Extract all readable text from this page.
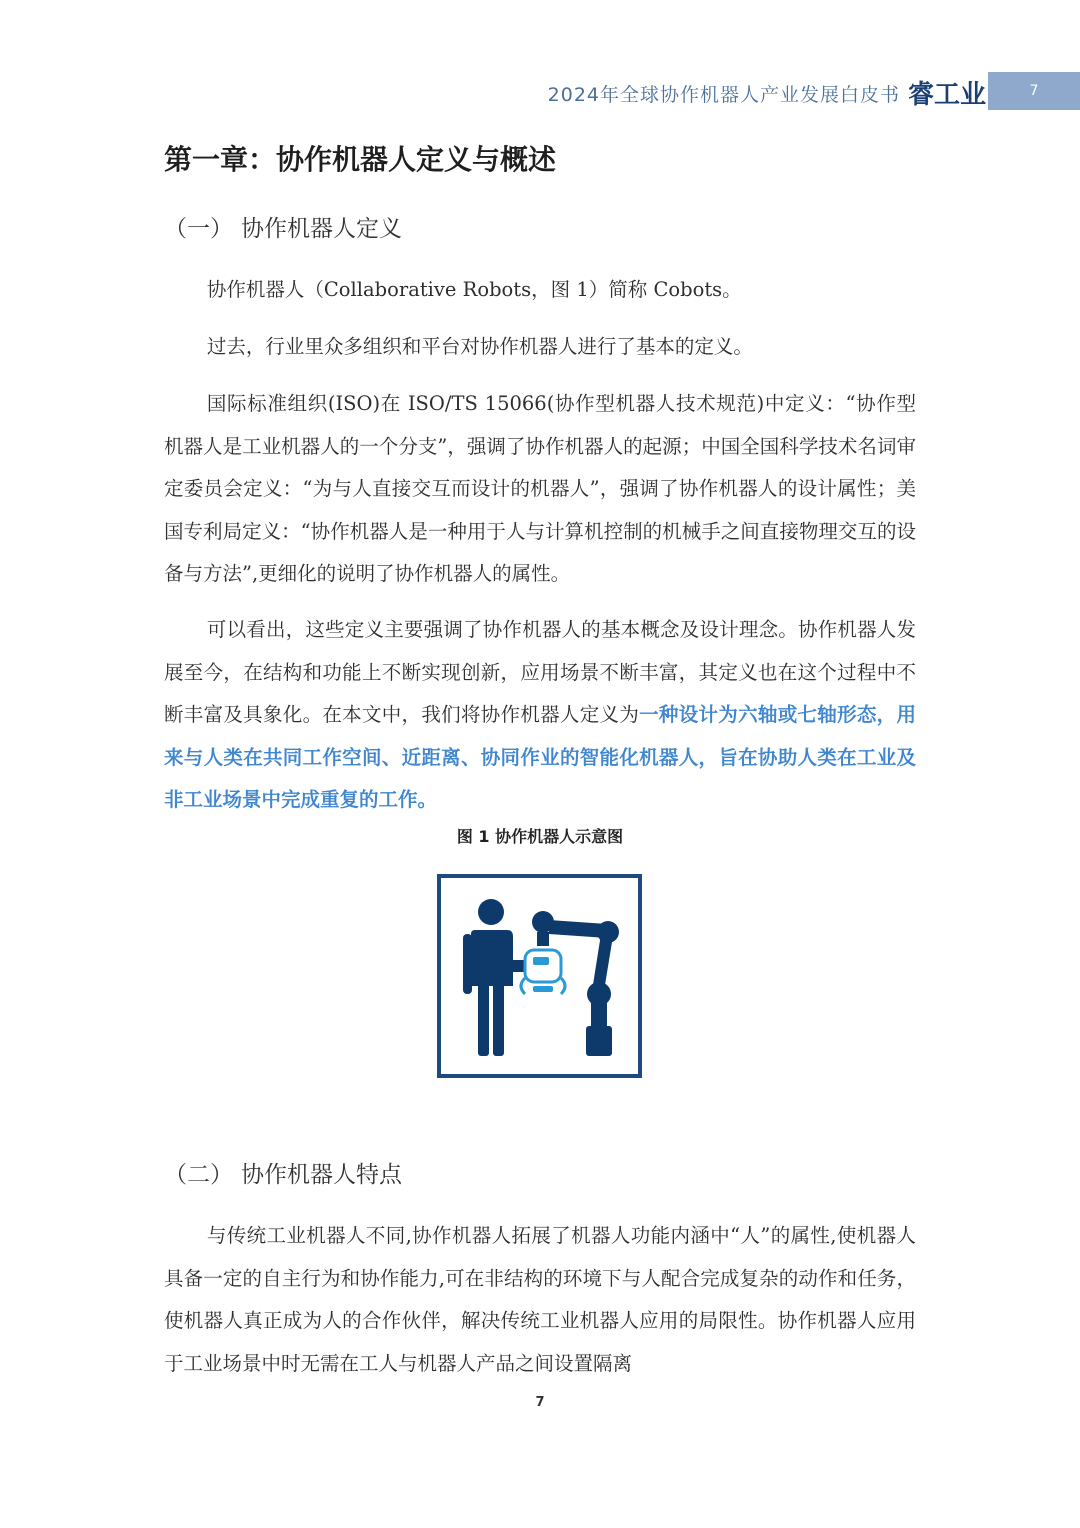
2024年全球协作机器人产业发展白皮书 睿工业	7
第一章：协作机器人定义与概述
（一） 协作机器人定义

协作机器人（Collaborative Robots，图 1）简称 Cobots。

过去，行业里众多组织和平台对协作机器人进行了基本的定义。

国际标准组织(ISO)在 ISO/TS 15066(协作型机器人技术规范)中定义：“协作型机器人是工业机器人的一个分支”，强调了协作机器人的起源；中国全国科学技术名词审定委员会定义：“为与人直接交互而设计的机器人”，强调了协作机器人的设计属性；美国专利局定义：“协作机器人是一种用于人与计算机控制的机械手之间直接物理交互的设备与方法”,更细化的说明了协作机器人的属性。

可以看出，这些定义主要强调了协作机器人的基本概念及设计理念。协作机器人发展至今，在结构和功能上不断实现创新，应用场景不断丰富，其定义也在这个过程中不断丰富及具象化。在本文中，我们将协作机器人定义为一种设计为六轴或七轴形态，用来与人类在共同工作空间、近距离、协同作业的智能化机器人，旨在协助人类在工业及非工业场景中完成重复的工作。

图 1 协作机器人示意图
（二） 协作机器人特点

与传统工业机器人不同,协作机器人拓展了机器人功能内涵中“人”的属性,使机器人具备一定的自主行为和协作能力,可在非结构的环境下与人配合完成复杂的动作和任务，使机器人真正成为人的合作伙伴，解决传统工业机器人应用的局限性。协作机器人应用于工业场景中时无需在工人与机器人产品之间设置隔离

7
